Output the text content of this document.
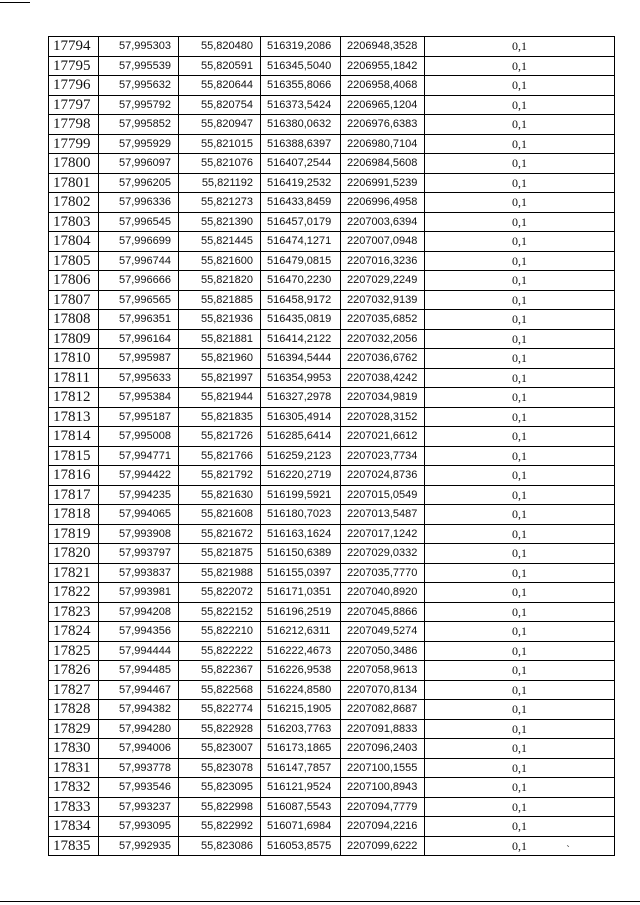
17794	57,995303	55,820480	516319,2086	2206948,3528	0,1
17795	57,995539	55,820591	516345,5040	2206955,1842	0,1
17796	57,995632	55,820644	516355,8066	2206958,4068	0,1
17797	57,995792	55,820754	516373,5424	2206965,1204	0,1
17798	57,995852	55,820947	516380,0632	2206976,6383	0,1
17799	57,995929	55,821015	516388,6397	2206980,7104	0,1
17800	57,996097	55,821076	516407,2544	2206984,5608	0,1
17801	57,996205	55,821192	516419,2532	2206991,5239	0,1
17802	57,996336	55,821273	516433,8459	2206996,4958	0,1
17803	57,996545	55,821390	516457,0179	2207003,6394	0,1
17804	57,996699	55,821445	516474,1271	2207007,0948	0,1
17805	57,996744	55,821600	516479,0815	2207016,3236	0,1
17806	57,996666	55,821820	516470,2230	2207029,2249	0,1
17807	57,996565	55,821885	516458,9172	2207032,9139	0,1
17808	57,996351	55,821936	516435,0819	2207035,6852	0,1
17809	57,996164	55,821881	516414,2122	2207032,2056	0,1
17810	57,995987	55,821960	516394,5444	2207036,6762	0,1
17811	57,995633	55,821997	516354,9953	2207038,4242	0,1
17812	57,995384	55,821944	516327,2978	2207034,9819	0,1
17813	57,995187	55,821835	516305,4914	2207028,3152	0,1
17814	57,995008	55,821726	516285,6414	2207021,6612	0,1
17815	57,994771	55,821766	516259,2123	2207023,7734	0,1
17816	57,994422	55,821792	516220,2719	2207024,8736	0,1
17817	57,994235	55,821630	516199,5921	2207015,0549	0,1
17818	57,994065	55,821608	516180,7023	2207013,5487	0,1
17819	57,993908	55,821672	516163,1624	2207017,1242	0,1
17820	57,993797	55,821875	516150,6389	2207029,0332	0,1
17821	57,993837	55,821988	516155,0397	2207035,7770	0,1
17822	57,993981	55,822072	516171,0351	2207040,8920	0,1
17823	57,994208	55,822152	516196,2519	2207045,8866	0,1
17824	57,994356	55,822210	516212,6311	2207049,5274	0,1
17825	57,994444	55,822222	516222,4673	2207050,3486	0,1
17826	57,994485	55,822367	516226,9538	2207058,9613	0,1
17827	57,994467	55,822568	516224,8580	2207070,8134	0,1
17828	57,994382	55,822774	516215,1905	2207082,8687	0,1
17829	57,994280	55,822928	516203,7763	2207091,8833	0,1
17830	57,994006	55,823007	516173,1865	2207096,2403	0,1
17831	57,993778	55,823078	516147,7857	2207100,1555	0,1
17832	57,993546	55,823095	516121,9524	2207100,8943	0,1
17833	57,993237	55,822998	516087,5543	2207094,7779	0,1
17834	57,993095	55,822992	516071,6984	2207094,2216	0,1
17835	57,992935	55,823086	516053,8575	2207099,6222	0,1	`
